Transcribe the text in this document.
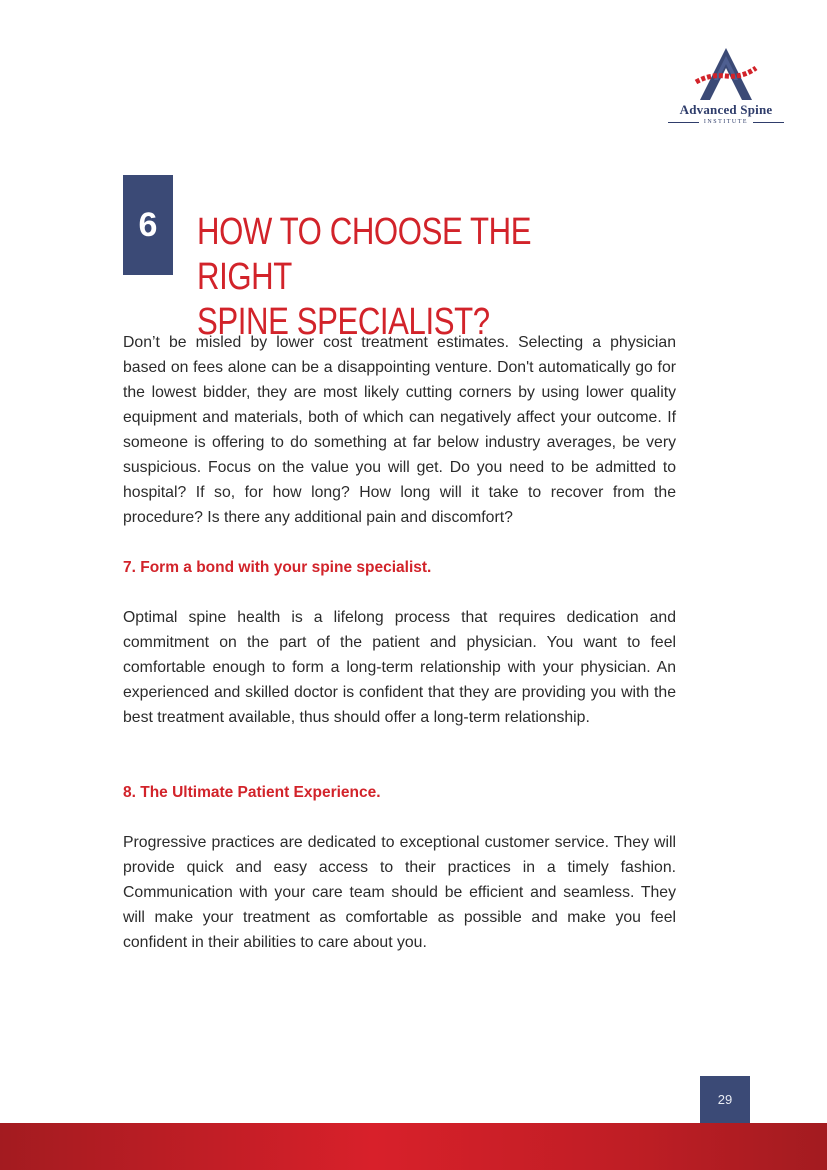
Advanced Spine
INSTITUTE
6	HOW TO CHOOSE THE RIGHT
SPINE SPECIALIST?

Don’t be misled by lower cost treatment estimates. Selecting a physician based on fees alone can be a disappointing venture. Don't automatically go for the lowest bidder, they are most likely cutting corners by using lower quality equipment and materials, both of which can negatively affect your outcome. If someone is offering to do something at far below industry averages, be very suspicious. Focus on the value you will get. Do you need to be admitted to hospital? If so, for how long? How long will it take to recover from the procedure? Is there any additional pain and discomfort?

7. Form a bond with your spine specialist.

Optimal spine health is a lifelong process that requires dedication and commitment on the part of the patient and physician. You want to feel comfortable enough to form a long-term relationship with your physician. An experienced and skilled doctor is confident that they are providing you with the best treatment available, thus should offer a long-term relationship.

8. The Ultimate Patient Experience.

Progressive practices are dedicated to exceptional customer service. They will provide quick and easy access to their practices in a timely fashion. Communication with your care team should be efficient and seamless. They will make your treatment as comfortable as possible and make you feel confident in their abilities to care about you.

29
